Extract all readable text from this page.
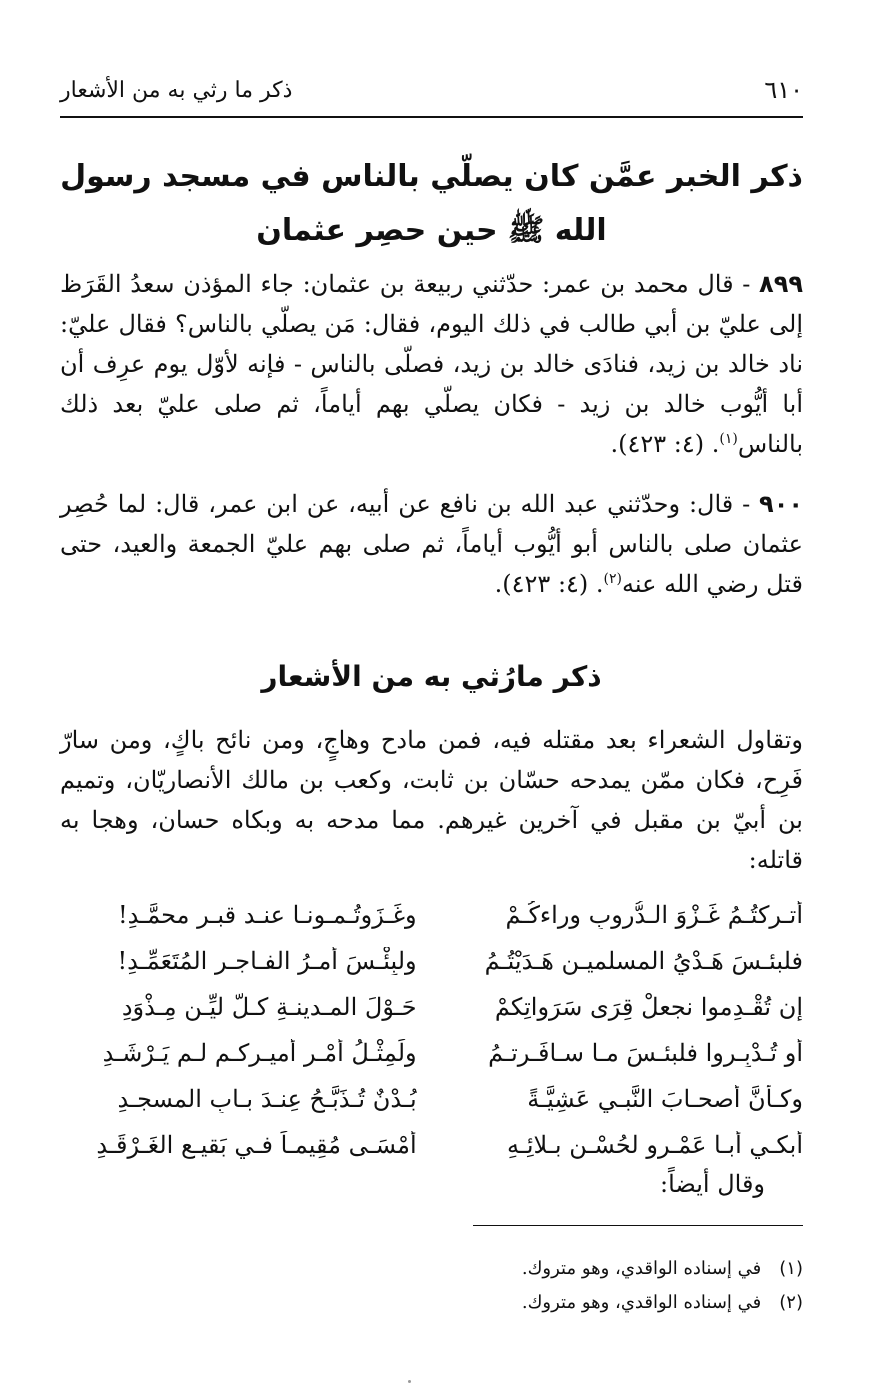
٦١٠
ذكر ما رثي به من الأشعار
ذكر الخبر عمَّن كان يصلّي بالناس في مسجد رسول الله ﷺ حين حصِر عثمان
٨٩٩ - قال محمد بن عمر: حدّثني ربيعة بن عثمان: جاء المؤذن سعدُ القَرَظ إلى عليّ بن أبي طالب في ذلك اليوم، فقال: مَن يصلّي بالناس؟ فقال عليّ: ناد خالد بن زيد، فنادَى خالد بن زيد، فصلّى بالناس - فإنه لأوّل يوم عرِف أن أبا أيُّوب خالد بن زيد - فكان يصلّي بهم أياماً، ثم صلى عليّ بعد ذلك بالناس$^{(١)}$. (٤: ٤٢٣).
٩٠٠ - قال: وحدّثني عبد الله بن نافع عن أبيه، عن ابن عمر، قال: لما حُصِر عثمان صلى بالناس أبو أيُّوب أياماً، ثم صلى بهم عليّ الجمعة والعيد، حتى قتل رضي الله عنه$^{(٢)}$. (٤: ٤٢٣).
ذكر مارُثي به من الأشعار
وتقاول الشعراء بعد مقتله فيه، فمن مادح وهاجٍ، ومن نائح باكٍ، ومن سارّ فَرِح، فكان ممّن يمدحه حسّان بن ثابت، وكعب بن مالك الأنصاريّان، وتميم بن أبيّ بن مقبل في آخرين غيرهم. مما مدحه به وبكاه حسان، وهجا به قاتله:
أتـركتُـمُ غَـزْوَ الـدُّروبِ وراءكُـمْ
وغَـزَوتُـمـونـا عنـد قبـرِ محمَّـدِ!
فلبئـسَ هَـدْيُ المسلميـن هَـدَيْتُـمُ
ولبِئْـسَ أمـرُ الفـاجـرِ المُتَعَمِّـدِ!
إن تُقْـدِموا نجعلْ قِرَى سَرَواتِكمْ
حَـوْلَ المـدينـةِ كـلَّ ليِّـنٍ مِـذْوَدِ
أو تُـدْبِـروا فلبئـسَ مـا سـافَـرتـمُ
ولَمِثْـلُ أمْـرِ أميـركـم لـم يَـرْشَـدِ
وكـأنَّ أصحـابَ النَّبـي عَشِيَّـةً
بُـدْنٌ تُـذَبَّـحُ عِنـدَ بـابِ المسجـدِ
أبكـي أبـا عَمْـرٍو لحُسْـنِ بـلائِـهِ
أمْسَـى مُقِيمـاً فـي بَقيـعِ الغَـرْقَـدِ
وقال أيضاً:
(١) في إسناده الواقدي، وهو متروك.
(٢) في إسناده الواقدي، وهو متروك.
